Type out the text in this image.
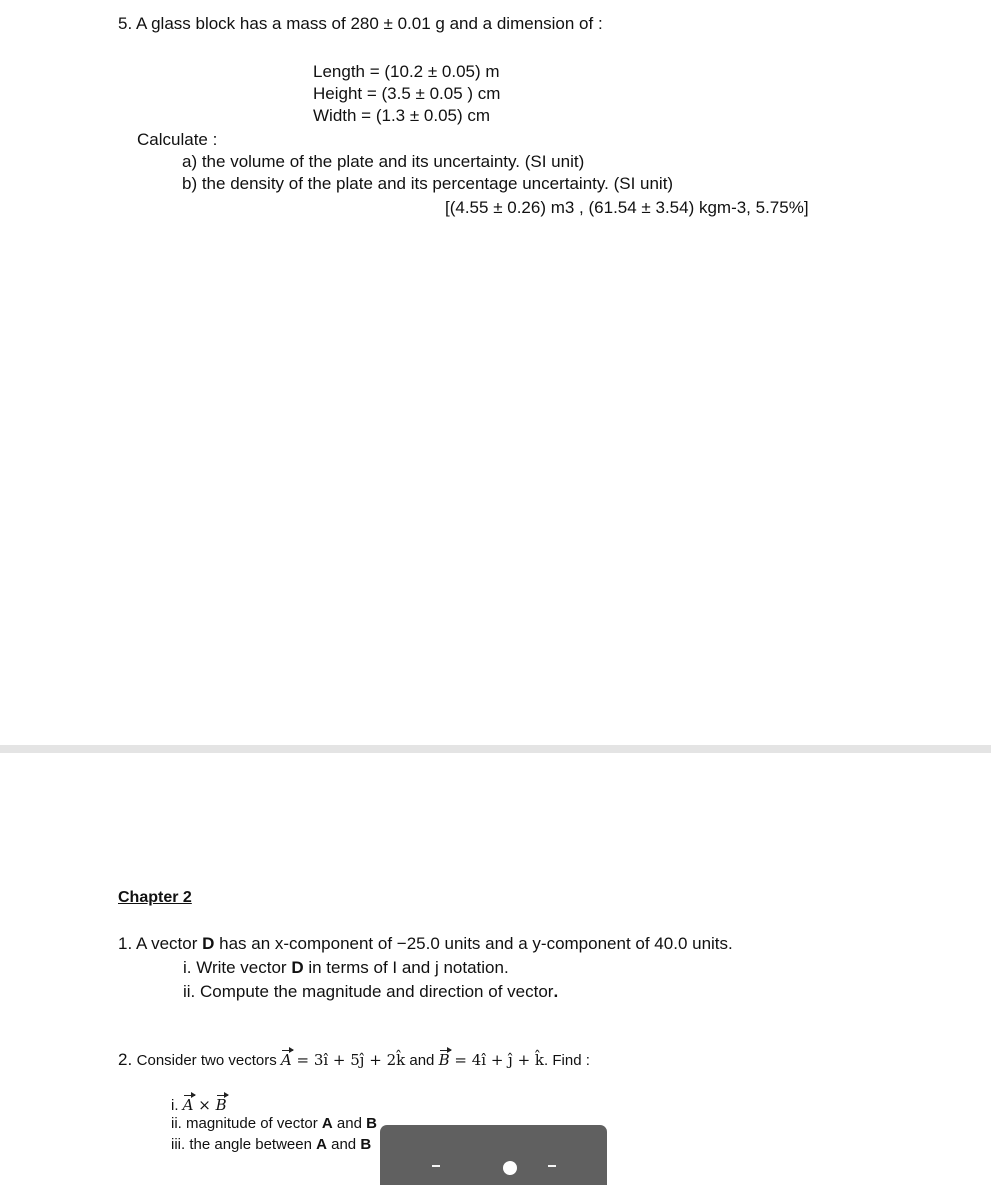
5. A glass block has a mass of 280 ± 0.01 g and a dimension of :
Length = (10.2 ± 0.05) m
Height = (3.5 ± 0.05 ) cm
Width = (1.3 ± 0.05) cm
Calculate :
a) the volume of the plate and its uncertainty. (SI unit)
b) the density of the plate and its percentage uncertainty. (SI unit)
[(4.55 ± 0.26) m3 , (61.54 ± 3.54) kgm-3, 5.75%]
Chapter 2
1. A vector D has an x-component of −25.0 units and a y-component of 40.0 units.
i. Write vector D in terms of I and j notation.
ii. Compute the magnitude and direction of vector.
2. Consider two vectors A = 3î + 5ĵ + 2k̂ and B = 4î + ĵ + k̂. Find :
i. A × B
ii. magnitude of vector A and B
iii. the angle between A and B
